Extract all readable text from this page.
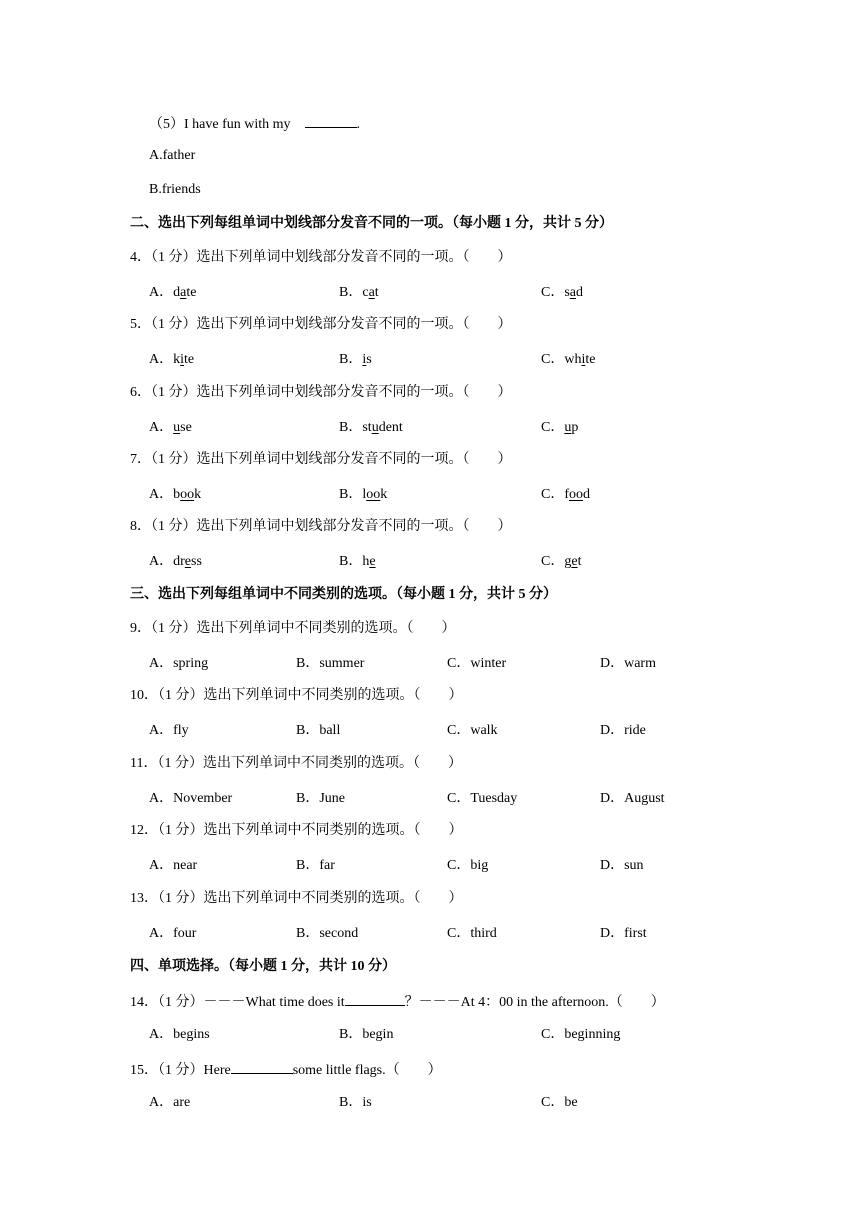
（5）I have fun with my	.
A.father
B.friends
二、选出下列每组单词中划线部分发音不同的一项。（每小题 1 分，共计 5 分）
4．（1 分）选出下列单词中划线部分发音不同的一项。（　　）
A．date	B．cat	C．sad
5．（1 分）选出下列单词中划线部分发音不同的一项。（　　）
A．kite	B．is	C．white
6．（1 分）选出下列单词中划线部分发音不同的一项。（　　）
A．use	B．student	C．up
7．（1 分）选出下列单词中划线部分发音不同的一项。（　　）
A．book	B．look	C．food
8．（1 分）选出下列单词中划线部分发音不同的一项。（　　）
A．dress	B．he	C．get
三、选出下列每组单词中不同类别的选项。（每小题 1 分，共计 5 分）
9．（1 分）选出下列单词中不同类别的选项。（　　）
A．spring	B．summer	C．winter	D．warm
10．（1 分）选出下列单词中不同类别的选项。（　　）
A．fly	B．ball	C．walk	D．ride
11．（1 分）选出下列单词中不同类别的选项。（　　）
A．November	B．June	C．Tuesday	D．August
12．（1 分）选出下列单词中不同类别的选项。（　　）
A．near	B．far	C．big	D．sun
13．（1 分）选出下列单词中不同类别的选项。（　　）
A．four	B．second	C．third	D．first
四、单项选择。（每小题 1 分，共计 10 分）
14．（1 分）－－－What time does it	？－－－At 4：00 in the afternoon.（　　）
A．begins	B．begin	C．beginning
15．（1 分）Here	some little flags.（　　）
A．are	B．is	C．be
